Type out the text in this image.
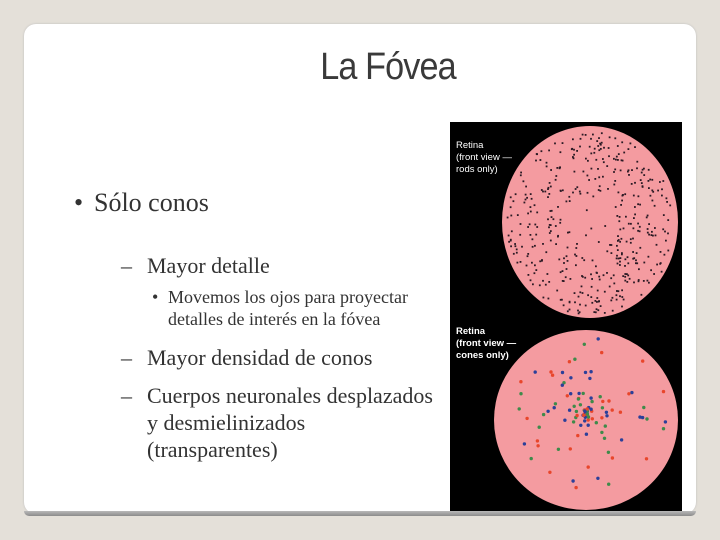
La Fóvea
• Sólo conos
– Mayor detalle
• Movemos los ojos para proyectar detalles de interés en la fóvea
– Mayor densidad de conos
– Cuerpos neuronales desplazados y desmielinizados (transparentes)
Retina
(front view —
rods only)
Retina
(front view —
cones only)
